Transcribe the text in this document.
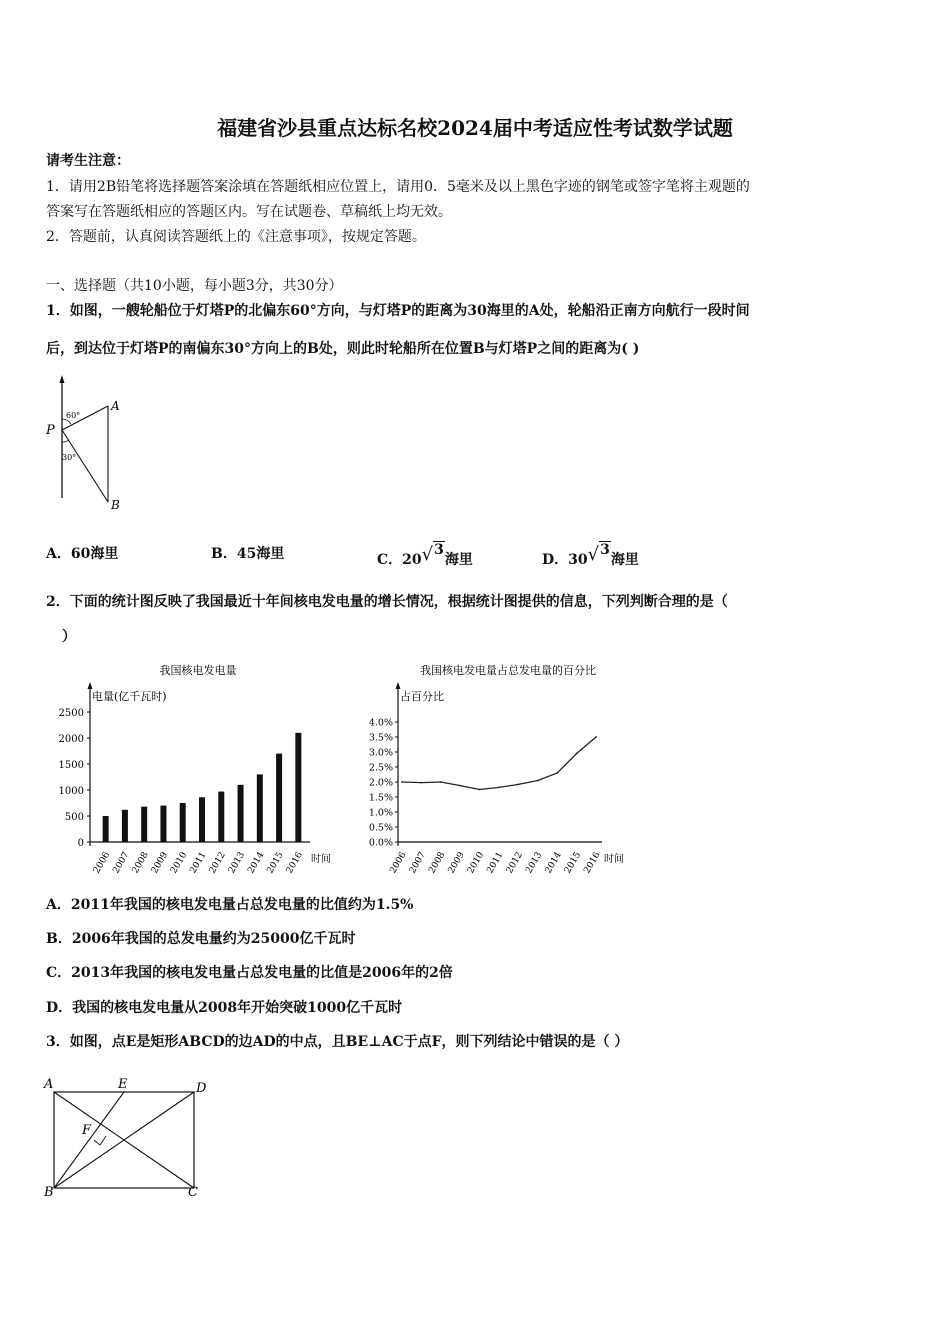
福建省沙县重点达标名校2024届中考适应性考试数学试题
请考生注意：
1．请用2B铅笔将选择题答案涂填在答题纸相应位置上，请用0．5毫米及以上黑色字迹的钢笔或签字笔将主观题的
答案写在答题纸相应的答题区内。写在试题卷、草稿纸上均无效。
2．答题前，认真阅读答题纸上的《注意事项》，按规定答题。
一、选择题（共10小题，每小题3分，共30分）
1．如图，一艘轮船位于灯塔P的北偏东60°方向，与灯塔P的距离为30海里的A处，轮船沿正南方向航行一段时间
后，到达位于灯塔P的南偏东30°方向上的B处，则此时轮船所在位置B与灯塔P之间的距离为( )
P
A
B
60°
30°
A．60海里	B．45海里	C．20√3海里	D．30√3海里
2．下面的统计图反映了我国最近十年间核电发电量的增长情况，根据统计图提供的信息，下列判断合理的是（
）
我国核电发电量
电量(亿千瓦时)
时间
0
500
1000
1500
2000
2500
2006 2007 2008 2009 2010 2011 2012 2013 2014 2015 2016
我国核电发电量占总发电量的百分比
占百分比
时间
0.0%
0.5%
1.0%
1.5%
2.0%
2.5%
3.0%
3.5%
4.0%
2006 2007 2008 2009 2010 2011 2012 2013 2014 2015 2016
A．2011年我国的核电发电量占总发电量的比值约为1.5%
B．2006年我国的总发电量约为25000亿千瓦时
C．2013年我国的核电发电量占总发电量的比值是2006年的2倍
D．我国的核电发电量从2008年开始突破1000亿千瓦时
3．如图，点E是矩形ABCD的边AD的中点，且BE⊥AC于点F，则下列结论中错误的是（ ）
A	E	D
F
B	C
